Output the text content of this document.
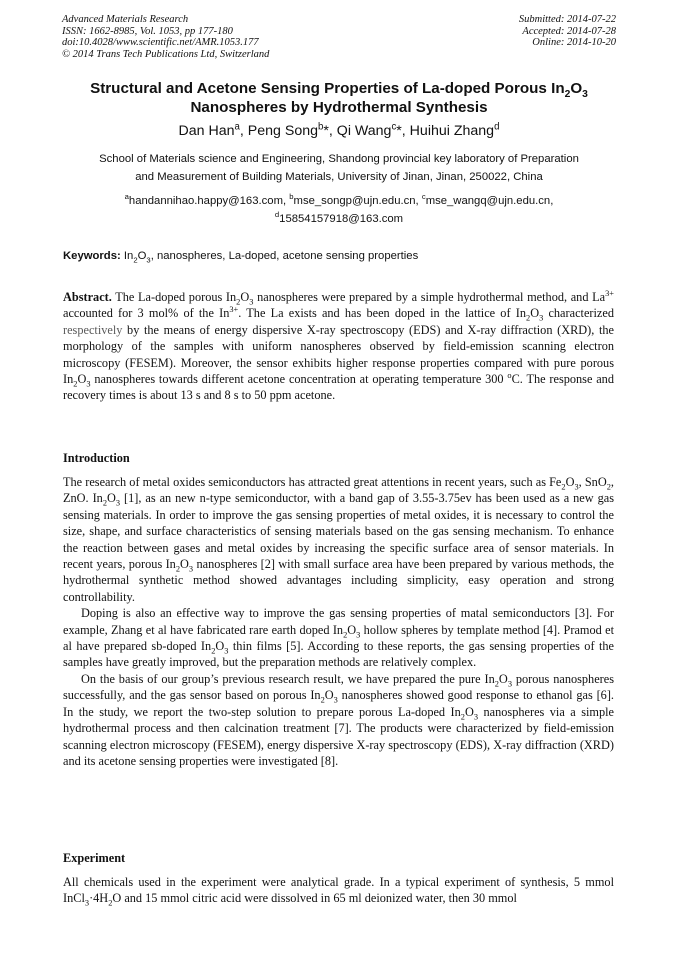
Advanced Materials Research
ISSN: 1662-8985, Vol. 1053, pp 177-180
doi:10.4028/www.scientific.net/AMR.1053.177
© 2014 Trans Tech Publications Ltd, Switzerland
Submitted: 2014-07-22
Accepted: 2014-07-28
Online: 2014-10-20
Structural and Acetone Sensing Properties of La-doped Porous $In_2O_3$
Nanospheres by Hydrothermal Synthesis
Dan Han$^a$, Peng Song$^b$*, Qi Wang$^c$*, Huihui Zhang$^d$
School of Materials science and Engineering, Shandong provincial key laboratory of Preparation
and Measurement of Building Materials, University of Jinan, Jinan, 250022, China
$^a$handannihao.happy@163.com, $^b$mse_songp@ujn.edu.cn, $^c$mse_wangq@ujn.edu.cn,
$^d$15854157918@163.com
Keywords: $In_2O_3$, nanospheres, La-doped, acetone sensing properties

Abstract. The La-doped porous $In_2O_3$ nanospheres were prepared by a simple hydrothermal method, and $La^{3+}$ accounted for 3 mol% of the $In^{3+}$. The La exists and has been doped in the lattice of $In_2O_3$ characterized respectively by the means of energy dispersive X-ray spectroscopy (EDS) and X-ray diffraction (XRD), the morphology of the samples with uniform nanospheres observed by field-emission scanning electron microscopy (FESEM). Moreover, the sensor exhibits higher response properties compared with pure porous $In_2O_3$ nanospheres towards different acetone concentration at operating temperature 300 $^o$C. The response and recovery times is about 13 s and 8 s to 50 ppm acetone.

Introduction

The research of metal oxides semiconductors has attracted great attentions in recent years, such as $Fe_2O_3$, SnO$_2$, ZnO. $In_2O_3$ [1], as an new n-type semiconductor, with a band gap of 3.55-3.75ev has been used as a new gas sensing materials. In order to improve the gas sensing properties of metal oxides, it is necessary to control the size, shape, and surface characteristics of sensing materials based on the gas sensing mechanism. To enhance the reaction between gases and metal oxides by increasing the specific surface area of sensor materials. In recent years, porous $In_2O_3$ nanospheres [2] with small surface area have been prepared by various methods, the hydrothermal synthetic method showed advantages including simplicity, easy operation and strong controllability.

Doping is also an effective way to improve the gas sensing properties of matal semiconductors [3]. For example, Zhang et al have fabricated rare earth doped $In_2O_3$ hollow spheres by template method [4]. Pramod et al have prepared sb-doped $In_2O_3$ thin films [5]. According to these reports, the gas sensing properties of the samples have greatly improved, but the preparation methods are relatively complex.

On the basis of our group’s previous research result, we have prepared the pure $In_2O_3$ porous nanospheres successfully, and the gas sensor based on porous $In_2O_3$ nanospheres showed good response to ethanol gas [6]. In the study, we report the two-step solution to prepare porous La-doped $In_2O_3$ nanospheres via a simple hydrothermal process and then calcination treatment [7]. The products were characterized by field-emission scanning electron microscopy (FESEM), energy dispersive X-ray spectroscopy (EDS), X-ray diffraction (XRD) and its acetone sensing properties were investigated [8].

Experiment

All chemicals used in the experiment were analytical grade. In a typical experiment of synthesis, 5 mmol $InCl_3\cdot 4H_2O$ and 15 mmol citric acid were dissolved in 65 ml deionized water, then 30 mmol
